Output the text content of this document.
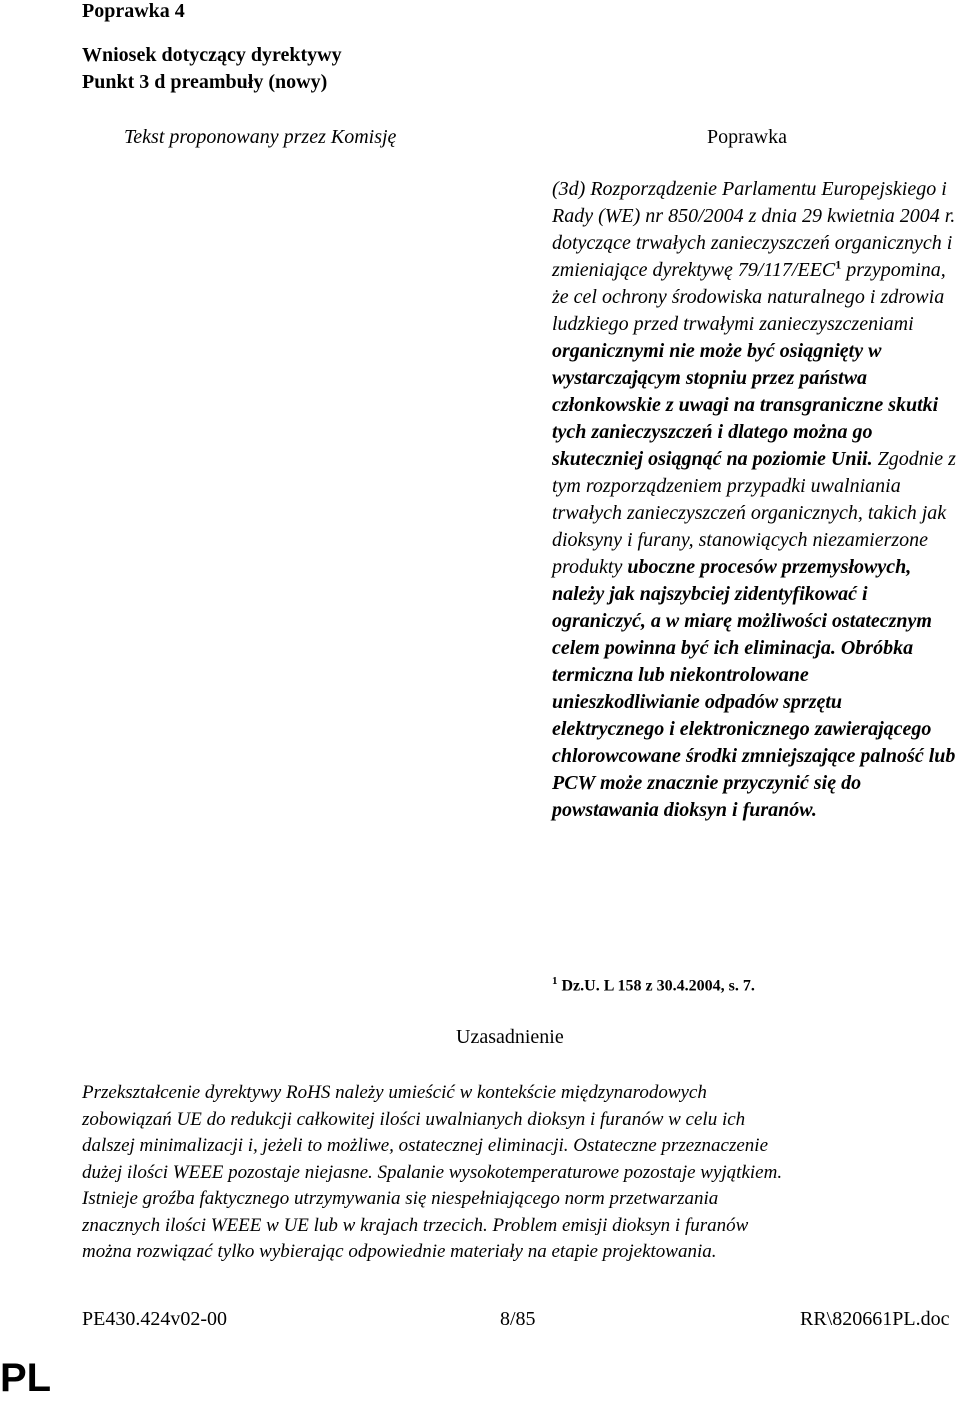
Poprawka 4
Wniosek dotyczący dyrektywy
Punkt 3 d preambuły (nowy)
Tekst proponowany przez Komisję	Poprawka
(3d) Rozporządzenie Parlamentu Europejskiego i Rady (WE) nr 850/2004 z dnia 29 kwietnia 2004 r. dotyczące trwałych zanieczyszczeń organicznych i zmieniające dyrektywę 79/117/EEC$^1$ przypomina, że cel ochrony środowiska naturalnego i zdrowia ludzkiego przed trwałymi zanieczyszczeniami organicznymi nie może być osiągnięty w wystarczającym stopniu przez państwa członkowskie z uwagi na transgraniczne skutki tych zanieczyszczeń i dlatego można go skuteczniej osiągnąć na poziomie Unii. Zgodnie z tym rozporządzeniem przypadki uwalniania trwałych zanieczyszczeń organicznych, takich jak dioksyny i furany, stanowiących niezamierzone produkty uboczne procesów przemysłowych, należy jak najszybciej zidentyfikować i ograniczyć, a w miarę możliwości ostatecznym celem powinna być ich eliminacja. Obróbka termiczna lub niekontrolowane unieszkodliwianie odpadów sprzętu elektrycznego i elektronicznego zawierającego chlorowcowane środki zmniejszające palność lub PCW może znacznie przyczynić się do powstawania dioksyn i furanów.
$^1$ Dz.U. L 158 z 30.4.2004, s. 7.
Uzasadnienie
Przekształcenie dyrektywy RoHS należy umieścić w kontekście międzynarodowych
zobowiązań UE do redukcji całkowitej ilości uwalnianych dioksyn i furanów w celu ich
dalszej minimalizacji i, jeżeli to możliwe, ostatecznej eliminacji. Ostateczne przeznaczenie
dużej ilości WEEE pozostaje niejasne. Spalanie wysokotemperaturowe pozostaje wyjątkiem.
Istnieje groźba faktycznego utrzymywania się niespełniającego norm przetwarzania
znacznych ilości WEEE w UE lub w krajach trzecich. Problem emisji dioksyn i furanów
można rozwiązać tylko wybierając odpowiednie materiały na etapie projektowania.
PE430.424v02-00	8/85	RR\820661PL.doc
PL
